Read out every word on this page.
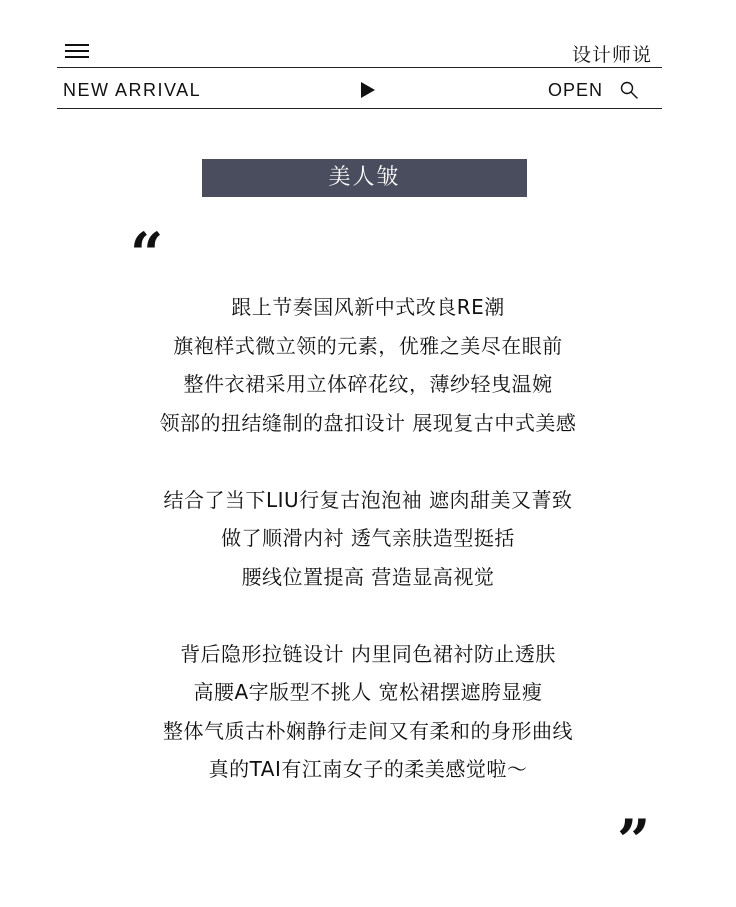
设计师说
NEW ARRIVAL	OPEN
美人皱
“
跟上节奏国风新中式改良RE潮
旗袍样式微立领的元素，优雅之美尽在眼前
整件衣裙采用立体碎花纹，薄纱轻曳温婉
领部的扭结缝制的盘扣设计 展现复古中式美感
结合了当下LIU行复古泡泡袖 遮肉甜美又菁致
做了顺滑内衬 透气亲肤造型挺括
腰线位置提高 营造显高视觉
背后隐形拉链设计 内里同色裙衬防止透肤
高腰A字版型不挑人 宽松裙摆遮胯显瘦
整体气质古朴娴静行走间又有柔和的身形曲线
真的TAI有江南女子的柔美感觉啦～
”
